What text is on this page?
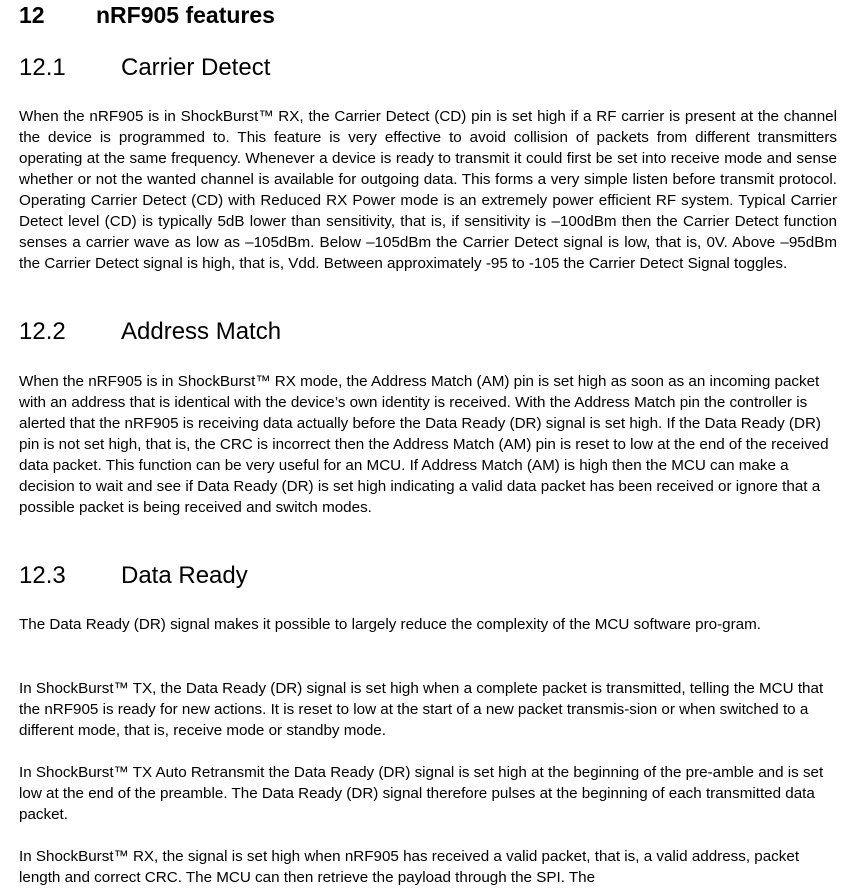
12 nRF905 features
12.1 Carrier Detect

When the nRF905 is in ShockBurst™ RX, the Carrier Detect (CD) pin is set high if a RF carrier is present at the channel the device is programmed to. This feature is very effective to avoid collision of packets from different transmitters operating at the same frequency. Whenever a device is ready to transmit it could first be set into receive mode and sense whether or not the wanted channel is available for outgoing data. This forms a very simple listen before transmit protocol. Operating Carrier Detect (CD) with Reduced RX Power mode is an extremely power efficient RF system. Typical Carrier Detect level (CD) is typically 5dB lower than sensitivity, that is, if sensitivity is –100dBm then the Carrier Detect function senses a carrier wave as low as –105dBm. Below –105dBm the Carrier Detect signal is low, that is, 0V. Above –95dBm the Carrier Detect signal is high, that is, Vdd. Between approximately -95 to -105 the Carrier Detect Signal toggles.

12.2 Address Match

When the nRF905 is in ShockBurst™ RX mode, the Address Match (AM) pin is set high as soon as an incoming packet with an address that is identical with the device’s own identity is received. With the Address Match pin the controller is alerted that the nRF905 is receiving data actually before the Data Ready (DR) signal is set high. If the Data Ready (DR) pin is not set high, that is, the CRC is incorrect then the Address Match (AM) pin is reset to low at the end of the received data packet. This function can be very useful for an MCU. If Address Match (AM) is high then the MCU can make a decision to wait and see if Data Ready (DR) is set high indicating a valid data packet has been received or ignore that a possible packet is being received and switch modes.

12.3 Data Ready

The Data Ready (DR) signal makes it possible to largely reduce the complexity of the MCU software pro-gram.

In ShockBurst™ TX, the Data Ready (DR) signal is set high when a complete packet is transmitted, telling the MCU that the nRF905 is ready for new actions. It is reset to low at the start of a new packet transmis-sion or when switched to a different mode, that is, receive mode or standby mode.

In ShockBurst™ TX Auto Retransmit the Data Ready (DR) signal is set high at the beginning of the pre-amble and is set low at the end of the preamble. The Data Ready (DR) signal therefore pulses at the beginning of each transmitted data packet.

In ShockBurst™ RX, the signal is set high when nRF905 has received a valid packet, that is, a valid address, packet length and correct CRC. The MCU can then retrieve the payload through the SPI. The
